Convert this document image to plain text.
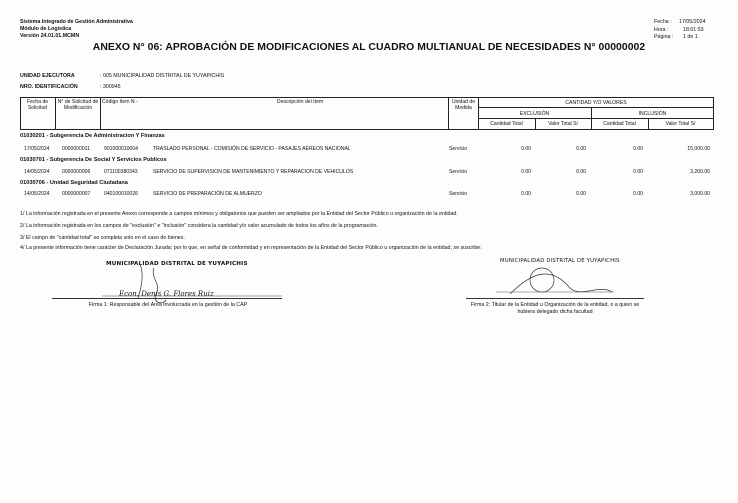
Sistema Integrado de Gestión Administrativa
Módulo de Logística
Versión 24.01.01.MCMN
Fecha : 17/05/2024
Hora :	18:01:53
Página : 1 de 1
ANEXO N° 06: APROBACIÓN DE MODIFICACIONES AL CUADRO MULTIANUAL DE NECESIDADES N° 00000002
UNIDAD EJECUTORA	: 005 MUNICIPALIDAD DISTRITAL DE YUYAPICHIS
NRO. IDENTIFICACIÓN	: 300945
Fecha de Solicitud
N° de Solicitud de Modificación
Código Item N -	Descripción del Item	Unidad de Medida
CANTIDAD Y/O VALORES
EXCLUSIÓN	INCLUSIÓN
Cantidad Total	Valor Total S/	Cantidad Total	Valor Total S/
01030201 - Subgerencia De Administracion Y Finanzas
17/05/2024 0000000011	901000010004	TRASLADO PERSONAL - COMISIÓN DE SERVICIO - PASAJES AÉREOS NACIONAL	Servicio	0.00	0.00	0.00	15,000.00
01030701 - Subgerencia De Social Y Servicios Publicos
14/05/2024 0000000006	071100380343	SERVICIO DE SUPERVISION DE MANTENIMIENTO Y REPARACION DE VEHICULOS	Servicio	0.00	0.00	0.00	3,200.00
01030706 - Unidad Seguridad Ciudadana
14/05/2024 0000000007	040100010026	SERVICIO DE PREPARACIÓN DE ALMUERZO	Servicio	0.00	0.00	0.00	3,000.00
1/ La información registrada en el presente Anexo corresponde a campos mínimos y obligatorios que pueden ser ampliados por la Entidad del Sector Público u organización de la entidad.
2/ La información registrada en los campos de "exclusión" e "inclusión" considera la cantidad y/o valor acumulado de todos los años de la programación.
3/ El campo de "cantidad total" se completa solo en el caso de bienes.
4/ La presente información tiene carácter de Declaración Jurada; por lo que, en señal de conformidad y en representación de la Entidad del Sector Público u organización de la entidad, se suscribe:
MUNICIPALIDAD DISTRITAL DE YUYAPICHIS
Econ. Denis G. Flores Ruiz
Firma 1: Responsable del Área involucrada en la gestión de la CAP
MUNICIPALIDAD DISTRITAL DE YUYAPICHIS
Firma 2: Titular de la Entidad u Organización de la entidad, o a quien se hubiera delegado dicha facultad
